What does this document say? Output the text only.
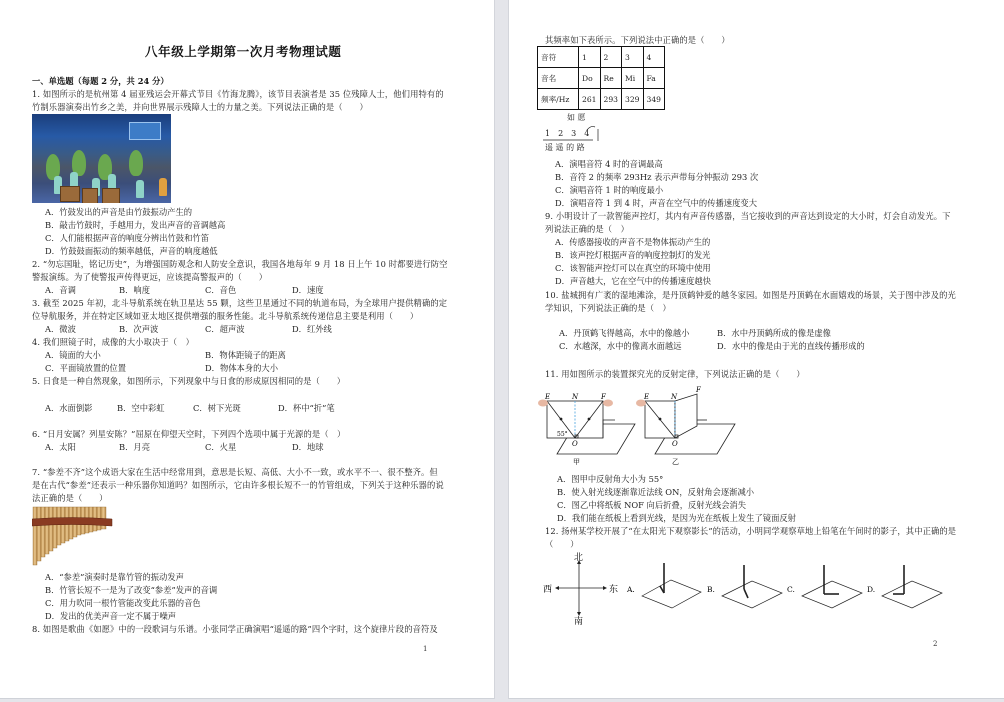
八年级上学期第一次月考物理试题
一、单选题（每题 2 分，共 24 分）
1. 如图所示的是杭州第 4 届亚残运会开幕式节目《竹海龙腾》，该节目表演者是 35 位残障人士，他们用特有的
竹制乐器演奏出竹乡之美，并向世界展示残障人士的力量之美。下列说法正确的是（　　）
A．竹鼓发出的声音是由竹鼓振动产生的
B．敲击竹鼓时，手越用力，发出声音的音调越高
C．人们能根据声音的响度分辨出竹鼓和竹笛
D．竹鼓鼓面振动的频率越低，声音的响度越低
2. “勿忘国耻，铭记历史”，为增强国防观念和人防安全意识，我国各地每年 9 月 18 日上午 10 时都要进行防空
警报演练。为了使警报声传得更远，应该提高警报声的（　　）
A．音调	B．响度	C．音色	D．速度
3. 截至 2025 年初，北斗导航系统在轨卫星达 55 颗，这些卫星通过不同的轨道布局，为全球用户提供精确的定
位导航服务，并在特定区域如亚太地区提供增强的服务性能。北斗导航系统传递信息主要是利用（　　）
A．微波	B．次声波	C．超声波	D．红外线
4. 我们照镜子时，成像的大小取决于（　）
A．镜面的大小	B．物体距镜子的距离
C．平面镜放置的位置	D．物体本身的大小
5. 日食是一种自然现象，如图所示，下列现象中与日食的形成原因相同的是（　　）
A．水面倒影	B．空中彩虹	C．树下光斑	D．杯中“折”笔
6. “日月安属？列星安陈？”屈原在仰望天空时，下列四个选项中属于光源的是（　）
A．太阳	B．月亮	C．火星	D．地球
7. “参差不齐”这个成语大家在生活中经常用到，意思是长短、高低、大小不一致，或水平不一、很不整齐。但
是在古代“参差”还表示一种乐器你知道吗？如图所示，它由许多根长短不一的竹管组成，下列关于这种乐器的说
法正确的是（　　）
A．“参差”演奏时是靠竹管的振动发声
B．竹管长短不一是为了改变“参差”发声的音调
C．用力吹同一根竹管能改变此乐器的音色
D．发出的优美声音一定不属于噪声
8. 如图是歌曲《如愿》中的一段歌词与乐谱。小张同学正确演唱“遥遥的路”四个字时，这个旋律片段的音符及
1
其频率如下表所示。下列说法中正确的是（　　）
音符	1	2	3	4
音名	Do	Re	Mi	Fa
频率/Hz	261	293	329	349
如 愿
1　2　3　4
遥 遥 的 路
A．演唱音符 4 时的音调最高
B．音符 2 的频率 293Hz 表示声带每分钟振动 293 次
C．演唱音符 1 时的响度最小
D．演唱音符 1 到 4 时，声音在空气中的传播速度变大
9. 小明设计了一款智能声控灯，其内有声音传感器，当它接收到的声音达到设定的大小时，灯会自动发光。下
列说法正确的是（　）
A．传感器接收的声音不是物体振动产生的
B．该声控灯根据声音的响度控制灯的发光
C．该智能声控灯可以在真空的环境中使用
D．声音越大，它在空气中的传播速度越快
10. 盐城拥有广袤的湿地滩涂，是丹顶鹤钟爱的越冬家园。如图是丹顶鹤在水面嬉戏的场景，关于图中涉及的光
学知识，下列说法正确的是（　）
A．丹顶鹤飞得越高，水中的像越小	B．水中丹顶鹤所成的像是虚像
C．水越深，水中的像离水面越远	D．水中的像是由于光的直线传播形成的
11. 用如图所示的装置探究光的反射定律，下列说法正确的是（　　）
E	N	F
O
55°
甲
E	N
F
O
乙
A．图甲中反射角大小为 55°
B．使入射光线逐渐靠近法线 ON，反射角会逐渐减小
C．图乙中将纸板 NOF 向后折叠，反射光线会消失
D．我们能在纸板上看到光线，是因为光在纸板上发生了镜面反射
12. 扬州某学校开展了“在太阳光下观察影长”的活动，小明同学观察草地上铅笔在午间时的影子，其中正确的是
（　　）
北
南
西	东 A.	B.	C.	D.
2
